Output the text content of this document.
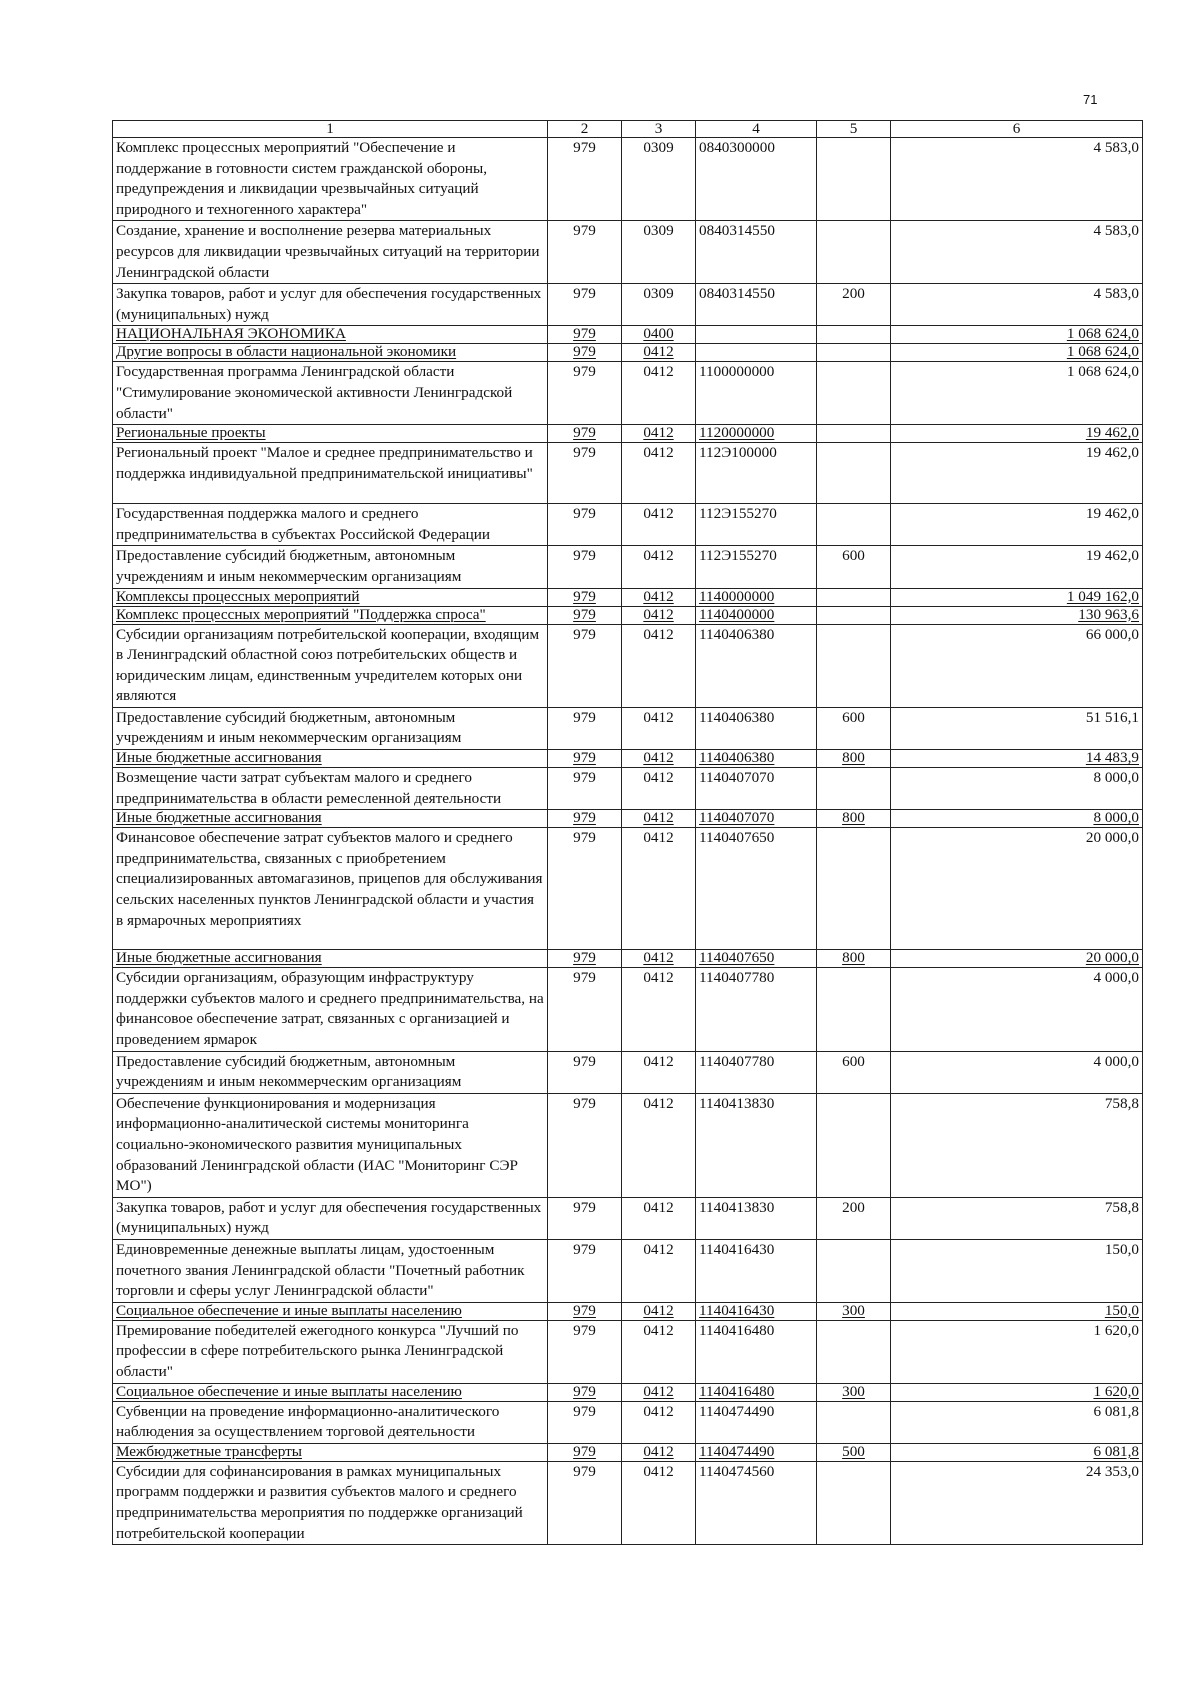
71
1	2	3	4	5	6
Комплекс процессных мероприятий "Обеспечение и поддержание в готовности систем гражданской обороны, предупреждения и ликвидации чрезвычайных ситуаций природного и техногенного характера"	979	0309	0840300000		4 583,0
Создание, хранение и восполнение резерва материальных ресурсов для ликвидации чрезвычайных ситуаций на территории Ленинградской области	979	0309	0840314550		4 583,0
Закупка товаров, работ и услуг для обеспечения государственных (муниципальных) нужд	979	0309	0840314550	200	4 583,0
НАЦИОНАЛЬНАЯ ЭКОНОМИКА	979	0400			1 068 624,0
Другие вопросы в области национальной экономики	979	0412			1 068 624,0
Государственная программа Ленинградской области "Стимулирование экономической активности Ленинградской области"	979	0412	1100000000		1 068 624,0
Региональные проекты	979	0412	1120000000		19 462,0
Региональный проект "Малое и среднее предпринимательство и поддержка индивидуальной предпринимательской инициативы"	979	0412	112Э100000		19 462,0
Государственная поддержка малого и среднего предпринимательства в субъектах Российской Федерации	979	0412	112Э155270		19 462,0
Предоставление субсидий бюджетным, автономным учреждениям и иным некоммерческим организациям	979	0412	112Э155270	600	19 462,0
Комплексы процессных мероприятий	979	0412	1140000000		1 049 162,0
Комплекс процессных мероприятий "Поддержка спроса"	979	0412	1140400000		130 963,6
Субсидии организациям потребительской кооперации, входящим в Ленинградский областной союз потребительских обществ и юридическим лицам, единственным учредителем которых они являются	979	0412	1140406380		66 000,0
Предоставление субсидий бюджетным, автономным учреждениям и иным некоммерческим организациям	979	0412	1140406380	600	51 516,1
Иные бюджетные ассигнования	979	0412	1140406380	800	14 483,9
Возмещение части затрат субъектам малого и среднего предпринимательства в области ремесленной деятельности	979	0412	1140407070		8 000,0
Иные бюджетные ассигнования	979	0412	1140407070	800	8 000,0
Финансовое обеспечение затрат субъектов малого и среднего предпринимательства, связанных с приобретением специализированных автомагазинов, прицепов для обслуживания сельских населенных пунктов Ленинградской области и участия в ярмарочных мероприятиях	979	0412	1140407650		20 000,0
Иные бюджетные ассигнования	979	0412	1140407650	800	20 000,0
Субсидии организациям, образующим инфраструктуру поддержки субъектов малого и среднего предпринимательства, на финансовое обеспечение затрат, связанных с организацией и проведением ярмарок	979	0412	1140407780		4 000,0
Предоставление субсидий бюджетным, автономным учреждениям и иным некоммерческим организациям	979	0412	1140407780	600	4 000,0
Обеспечение функционирования и модернизация информационно-аналитической системы мониторинга социально-экономического развития муниципальных образований Ленинградской области (ИАС "Мониторинг СЭР МО")	979	0412	1140413830		758,8
Закупка товаров, работ и услуг для обеспечения государственных (муниципальных) нужд	979	0412	1140413830	200	758,8
Единовременные денежные выплаты лицам, удостоенным почетного звания Ленинградской области "Почетный работник торговли и сферы услуг Ленинградской области"	979	0412	1140416430		150,0
Социальное обеспечение и иные выплаты населению	979	0412	1140416430	300	150,0
Премирование победителей ежегодного конкурса "Лучший по профессии в сфере потребительского рынка Ленинградской области"	979	0412	1140416480		1 620,0
Социальное обеспечение и иные выплаты населению	979	0412	1140416480	300	1 620,0
Субвенции на проведение информационно-аналитического наблюдения за осуществлением торговой деятельности	979	0412	1140474490		6 081,8
Межбюджетные трансферты	979	0412	1140474490	500	6 081,8
Субсидии для софинансирования в рамках муниципальных программ поддержки и развития субъектов малого и среднего предпринимательства мероприятия по поддержке организаций потребительской кооперации	979	0412	1140474560		24 353,0
